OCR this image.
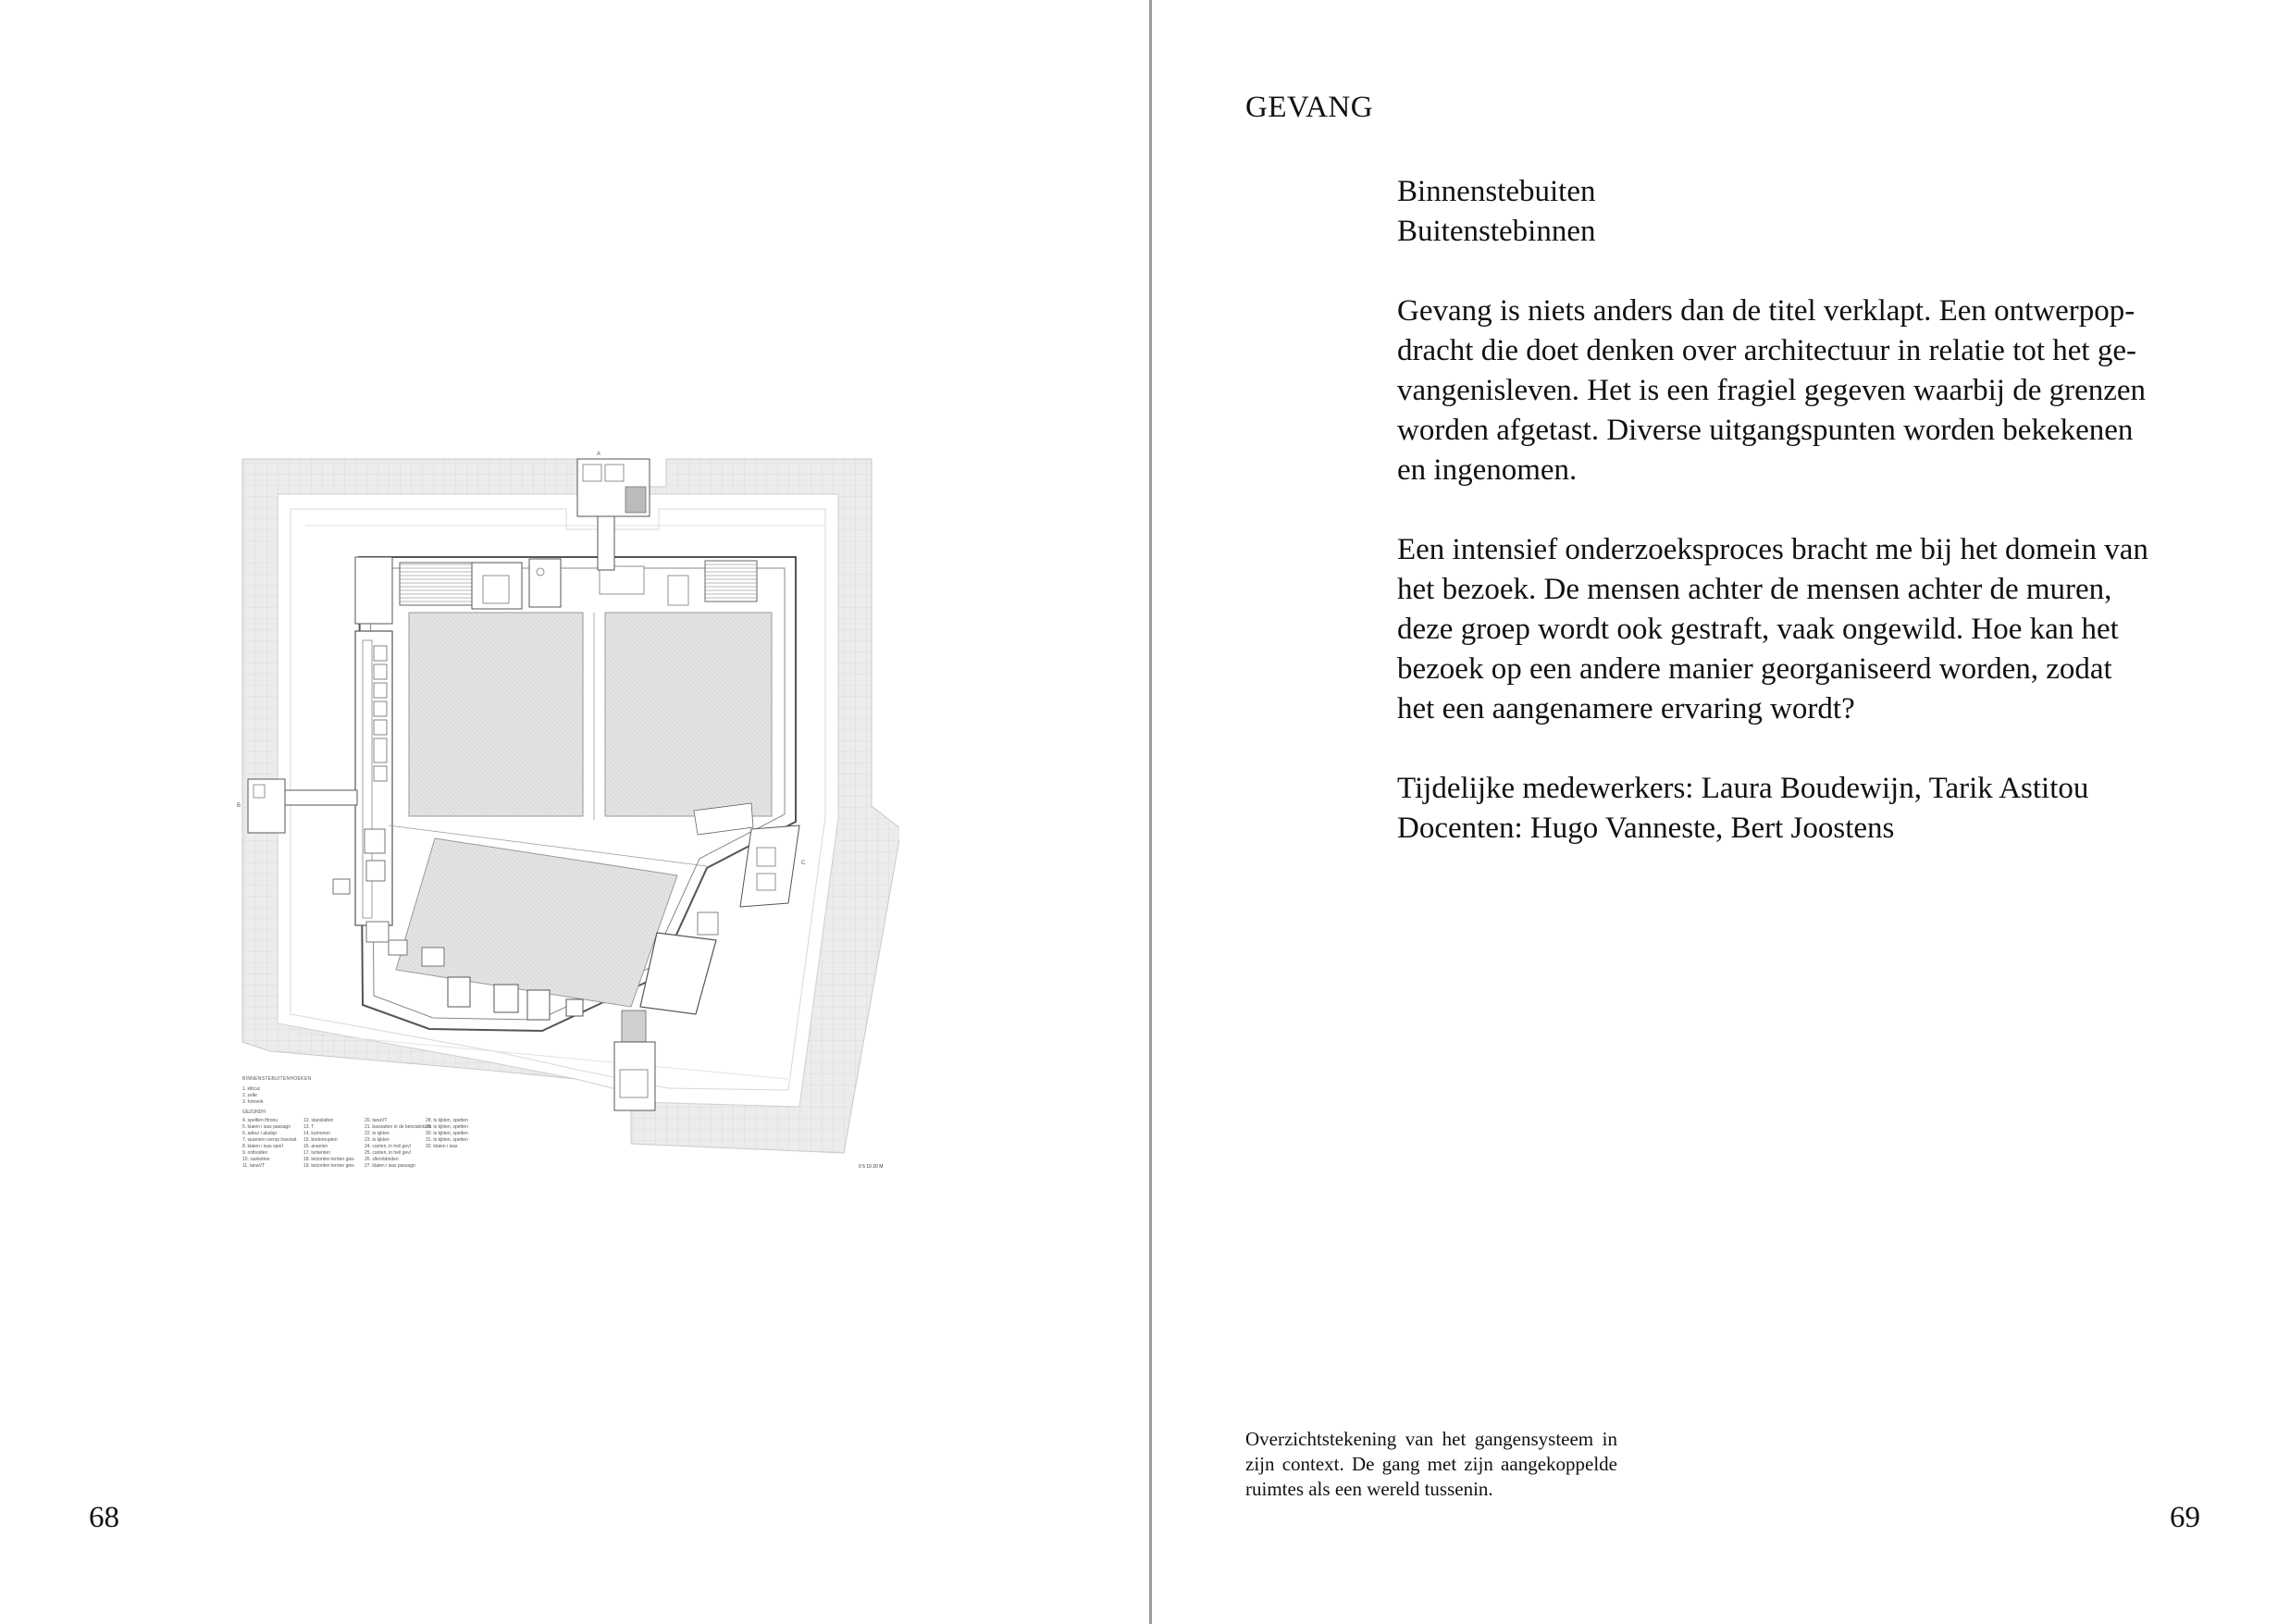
A
B
C
BINNENSTEBUITENHOEKEN
1. kiltcsz
2. zelle
3. fortrenk
GEZONDH
4. speltlen iftronu
5. ktaien i isas passagn
6. adeur i aludsp
7. sparnien cerrsp lrseziait
8. ktaien i isas sperl
9. onlboiden
10. sankstioo
11. tanaVT
12. stanslalten
13. T
14. kumonen
15. bortenrupten
16. ananlen
17. luntenten
18. letzoriten lerrten gies
19. letzoriten lerrten gies
20. tanaVT
21. baovatten in de benzatiotzen
22. ts sjkten
23. ts kjkten
24. canten, in heil gevl
25. canten, in heil gevl
26. sllenrtdinden
27. ktaien i isas passagn
28. ts kjkten, spetten
29. ts kjkten, spetten
30. ts kjkten, spetten
31. ts kjkten, spetten
32. ktaien i isas
0 5 10 20 M
68
GEVANG

Binnenstebuiten
Buitenstebinnen

Gevang is niets anders dan de titel verklapt. Een ontwerpop-
dracht die doet denken over architectuur in relatie tot het ge-
vangenisleven. Het is een fragiel gegeven waarbij de grenzen
worden afgetast. Diverse uitgangspunten worden bekekenen
en ingenomen.

Een intensief onderzoeksproces bracht me bij het domein van
het bezoek. De mensen achter de mensen achter de muren,
deze groep wordt ook gestraft, vaak ongewild. Hoe kan het
bezoek op een andere manier georganiseerd worden, zodat
het een aangenamere ervaring wordt?

Tijdelijke medewerkers: Laura Boudewijn, Tarik Astitou
Docenten: Hugo Vanneste, Bert Joostens

Overzichtstekening van het gangensysteem in zijn context. De gang met zijn aangekoppelde ruimtes als een wereld tussenin.
69
